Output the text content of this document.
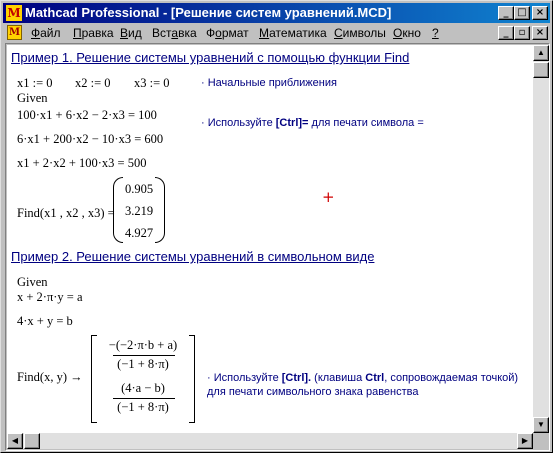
M Mathcad Professional - [Решение систем уравнений.MCD]	_ □ ×
M Файл Правка Вид Вставка Формат Математика Символы Окно ?	_	▫	×
Пример 1. Решение системы уравнений с помощью функции Find
x1 := 0 x2 := 0 x3 := 0	· Начальные приближения
Given
100·x1 + 6·x2 − 2·x3 = 100
· Используйте [Ctrl]= для печати символа =
6·x1 + 200·x2 − 10·x3 = 600
x1 + 2·x2 + 100·x3 = 500
Find(x1 , x2 , x3) =
0.905
3.219
4.927
+
Пример 2. Решение системы уравнений в символьном виде
Given
x + 2·π·y = a
4·x + y = b
Find(x, y) →
−(−2·π·b + a)
(−1 + 8·π)
(4·a − b)
(−1 + 8·π)
· Используйте [Ctrl]. (клавиша Ctrl, сопровождаемая точкой)
для печати символьного знака равенства
▲
▼
◀	▶
